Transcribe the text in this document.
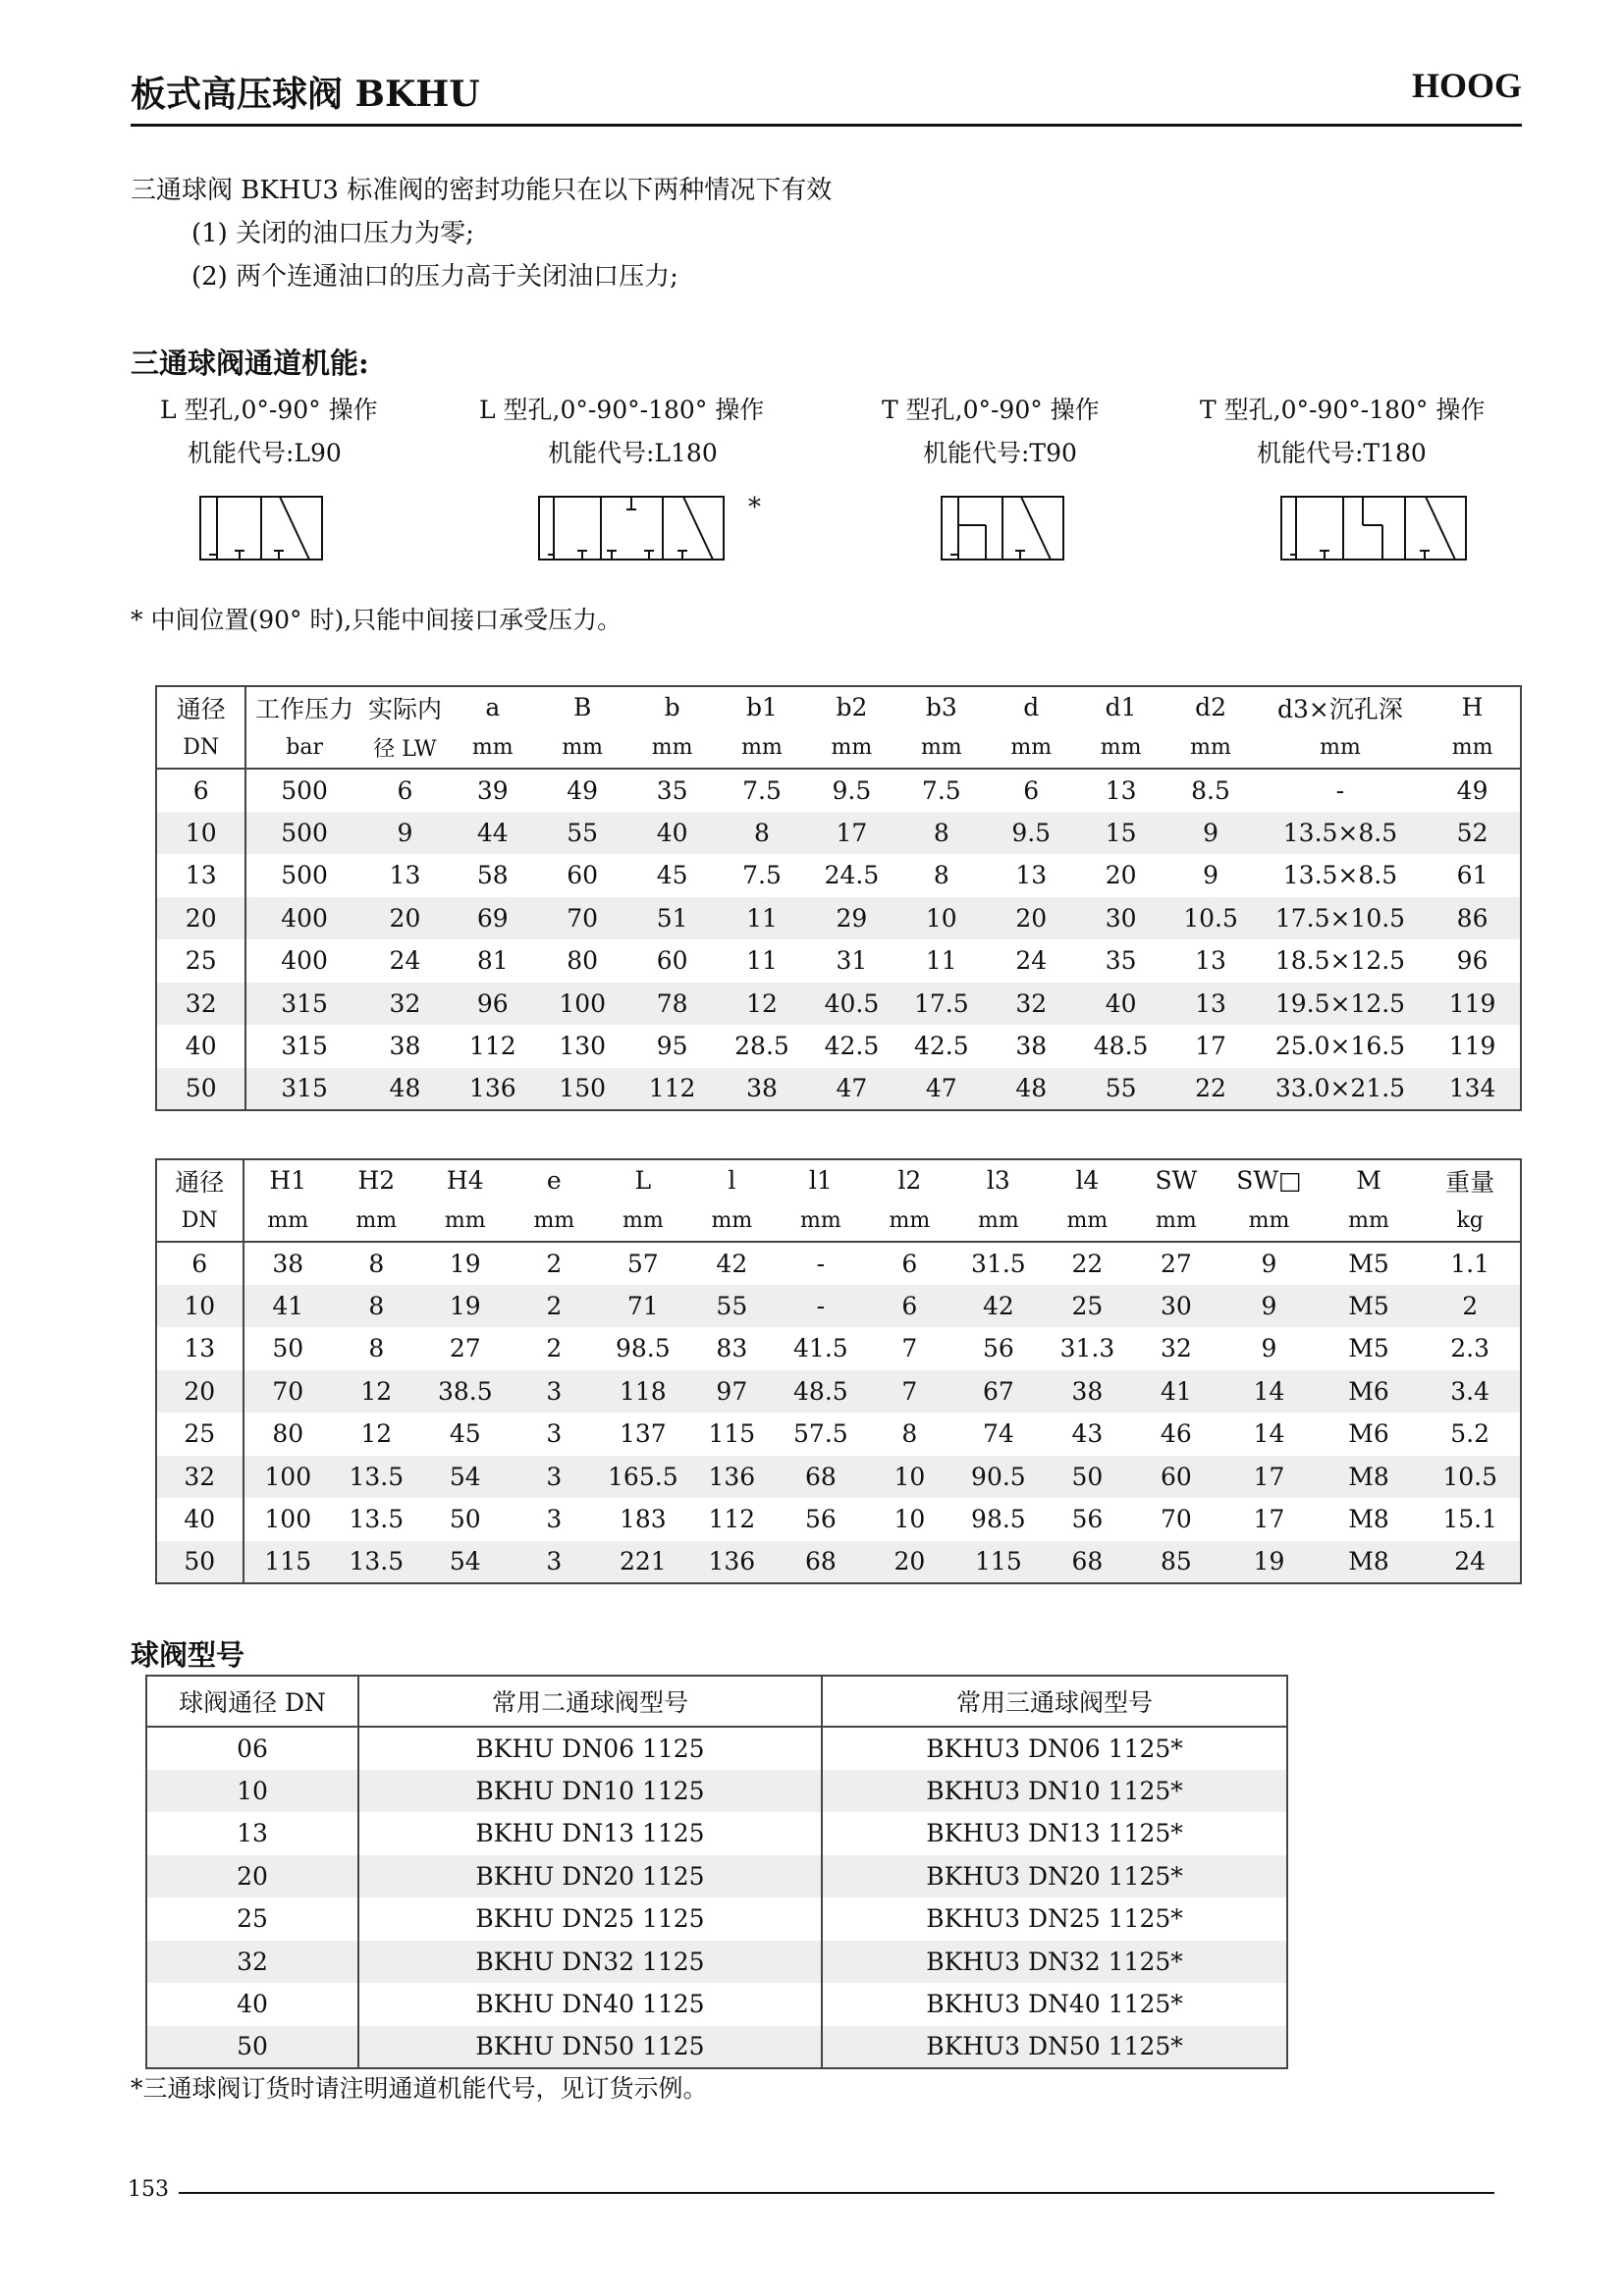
板式高压球阀 BKHU	HOOG
三通球阀 BKHU3 标准阀的密封功能只在以下两种情况下有效
(1) 关闭的油口压力为零;
(2) 两个连通油口的压力高于关闭油口压力;
三通球阀通道机能:
L 型孔,0°-90° 操作
机能代号:L90
L 型孔,0°-90°-180° 操作
机能代号:L180
T 型孔,0°-90° 操作
机能代号:T90
T 型孔,0°-90°-180° 操作
机能代号:T180
*
* 中间位置(90° 时),只能中间接口承受压力。
通径	工作压力	实际内	a	B	b	b1	b2	b3	d	d1	d2	d3×沉孔深	H
DN	bar	径 LW	mm	mm	mm	mm	mm	mm	mm	mm	mm	mm	mm
6	500	6	39	49	35	7.5	9.5	7.5	6	13	8.5	-	49
10	500	9	44	55	40	8	17	8	9.5	15	9	13.5×8.5	52
13	500	13	58	60	45	7.5	24.5	8	13	20	9	13.5×8.5	61
20	400	20	69	70	51	11	29	10	20	30	10.5	17.5×10.5	86
25	400	24	81	80	60	11	31	11	24	35	13	18.5×12.5	96
32	315	32	96	100	78	12	40.5	17.5	32	40	13	19.5×12.5	119
40	315	38	112	130	95	28.5	42.5	42.5	38	48.5	17	25.0×16.5	119
50	315	48	136	150	112	38	47	47	48	55	22	33.0×21.5	134
通径	H1	H2	H4	e	L	l	l1	l2	l3	l4	SW	SW□	M	重量
DN	mm	mm	mm	mm	mm	mm	mm	mm	mm	mm	mm	mm	mm	kg
6	38	8	19	2	57	42	-	6	31.5	22	27	9	M5	1.1
10	41	8	19	2	71	55	-	6	42	25	30	9	M5	2
13	50	8	27	2	98.5	83	41.5	7	56	31.3	32	9	M5	2.3
20	70	12	38.5	3	118	97	48.5	7	67	38	41	14	M6	3.4
25	80	12	45	3	137	115	57.5	8	74	43	46	14	M6	5.2
32	100	13.5	54	3	165.5	136	68	10	90.5	50	60	17	M8	10.5
40	100	13.5	50	3	183	112	56	10	98.5	56	70	17	M8	15.1
50	115	13.5	54	3	221	136	68	20	115	68	85	19	M8	24
球阀型号
球阀通径 DN	常用二通球阀型号	常用三通球阀型号
06	BKHU DN06 1125	BKHU3 DN06 1125*
10	BKHU DN10 1125	BKHU3 DN10 1125*
13	BKHU DN13 1125	BKHU3 DN13 1125*
20	BKHU DN20 1125	BKHU3 DN20 1125*
25	BKHU DN25 1125	BKHU3 DN25 1125*
32	BKHU DN32 1125	BKHU3 DN32 1125*
40	BKHU DN40 1125	BKHU3 DN40 1125*
50	BKHU DN50 1125	BKHU3 DN50 1125*
*三通球阀订货时请注明通道机能代号，见订货示例。
153
